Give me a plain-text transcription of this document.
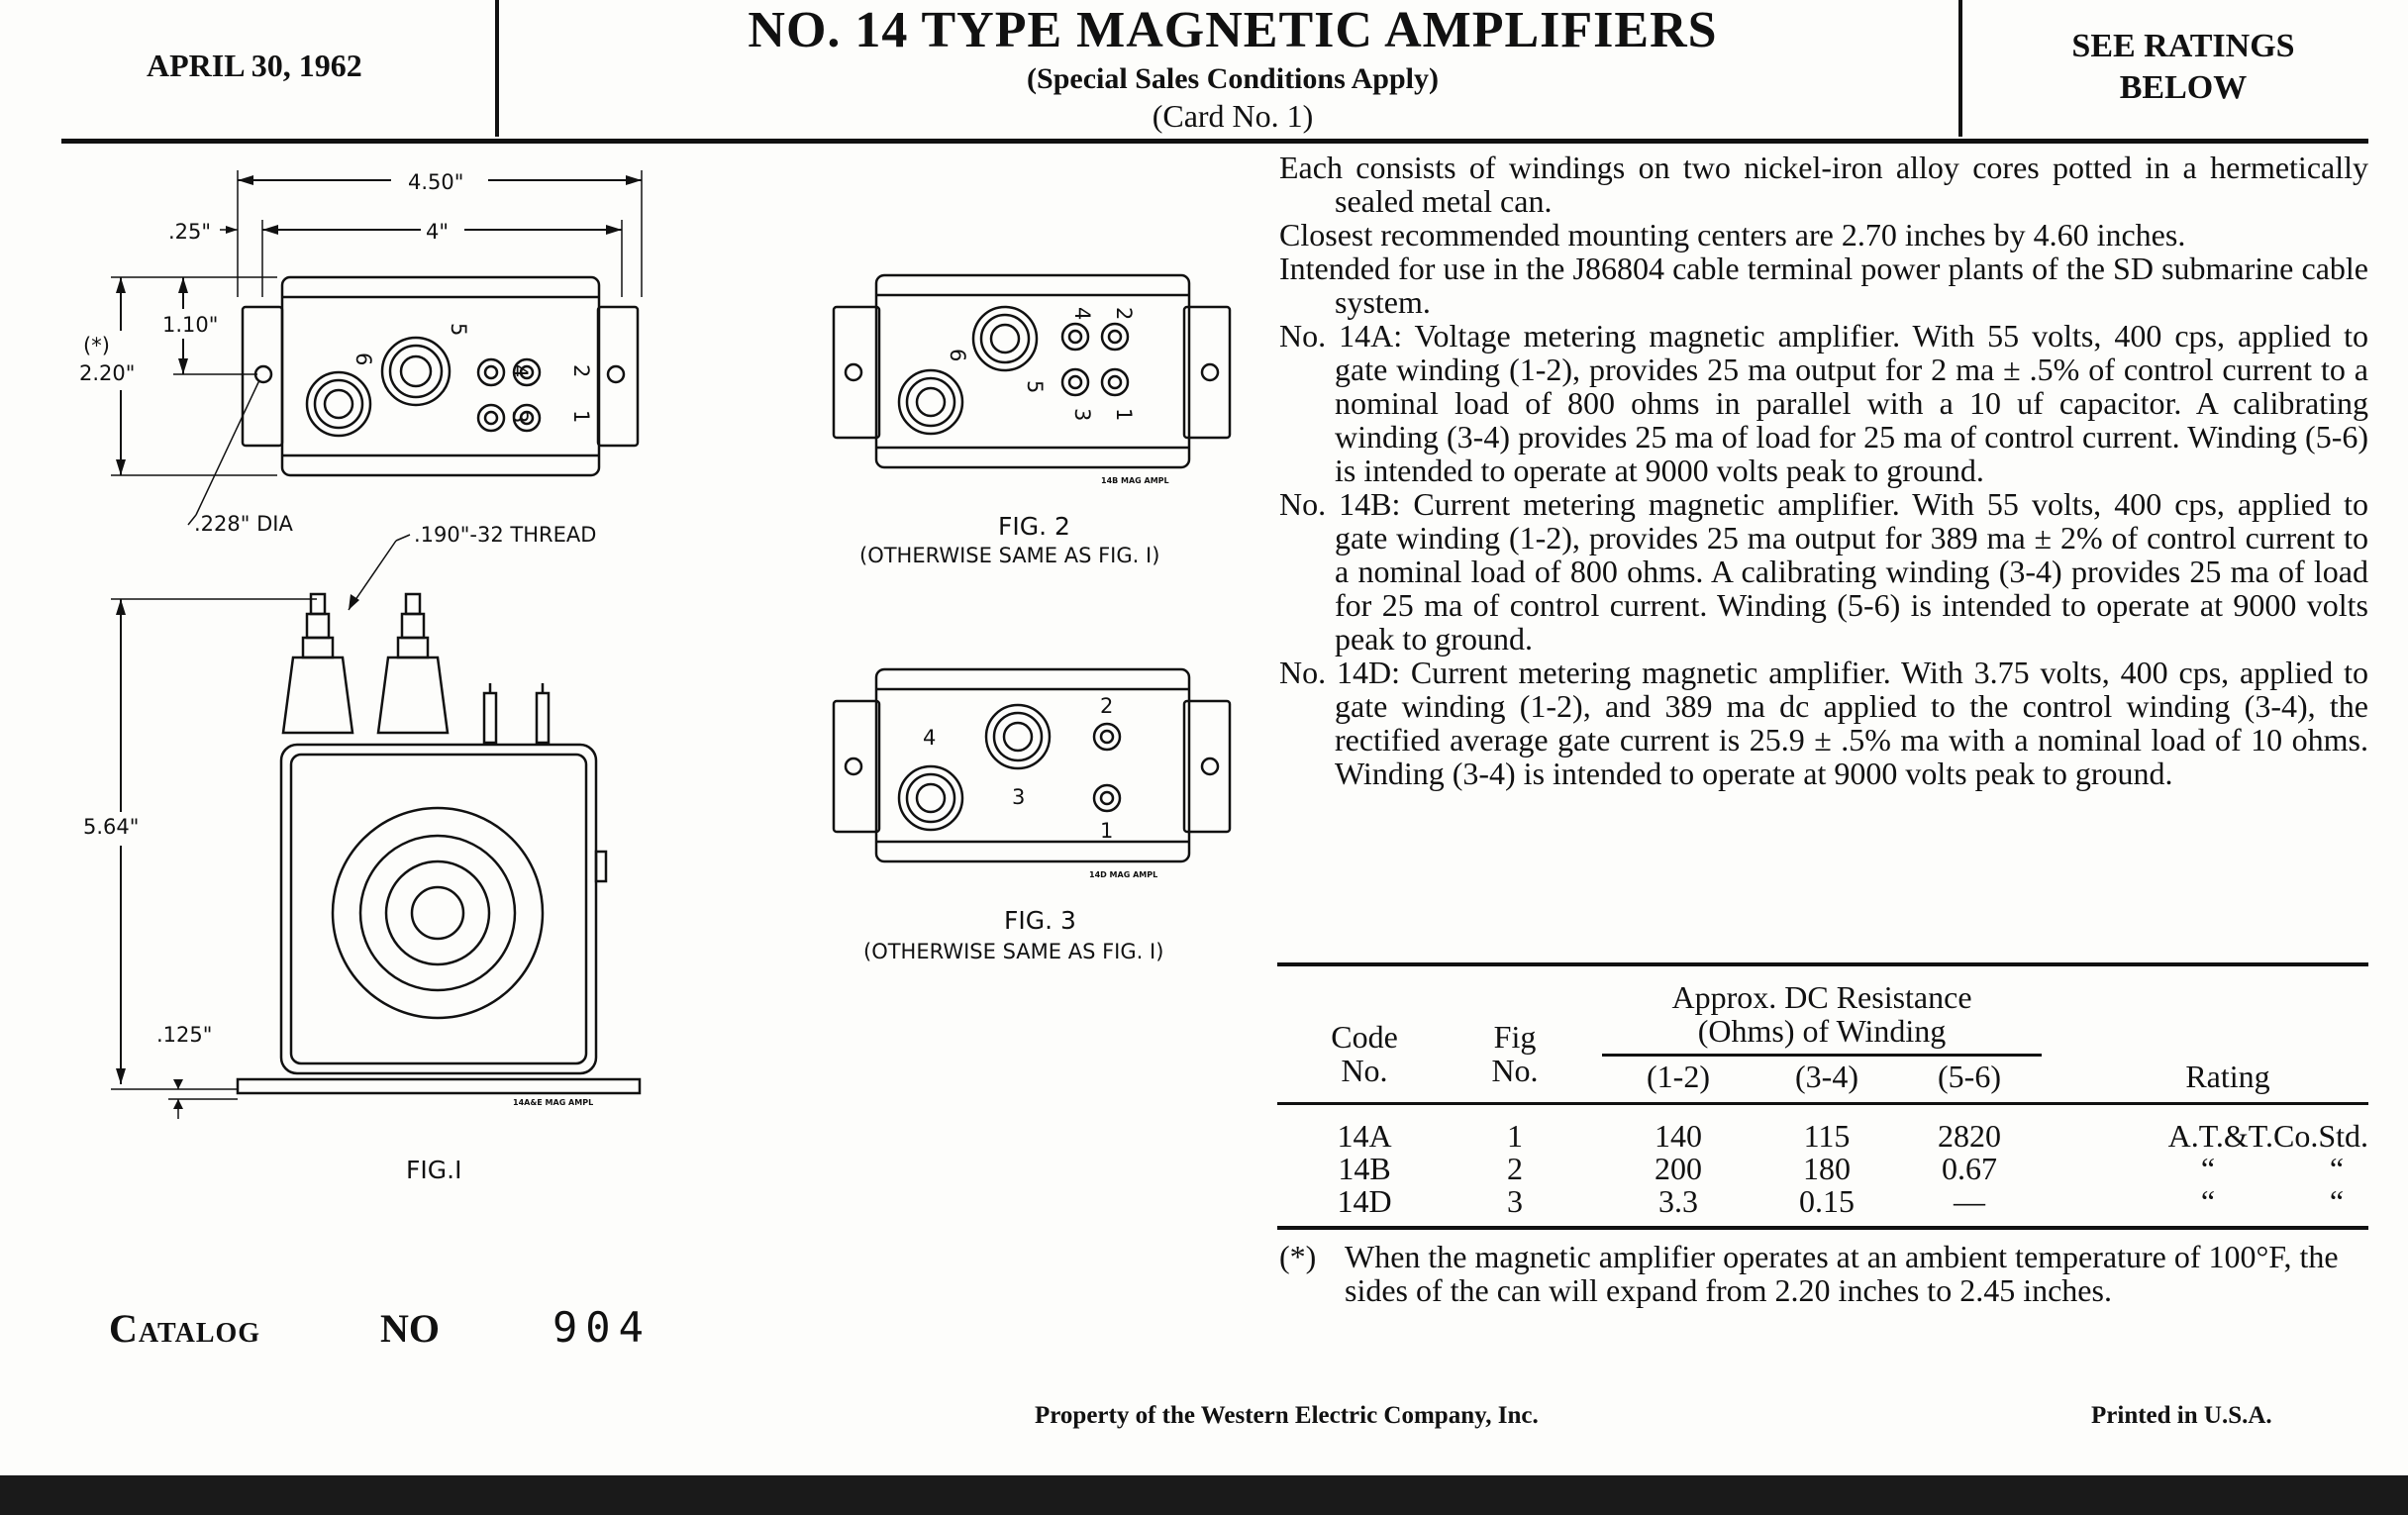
APRIL 30, 1962
NO. 14 TYPE MAGNETIC AMPLIFIERS
(Special Sales Conditions Apply)
(Card No. 1)
SEE RATINGS
BELOW
4.50"
4"
.25"
1.10"
(*)
2.20"
6
5
4
3
2
1
.228" DIA	.190"-32 THREAD
5.64"
.125"
14A&E MAG AMPL
FIG.I
6
5
4
3
2
1
14B MAG AMPL
FIG. 2
(OTHERWISE SAME AS FIG. I)
4
3
2
1
14D MAG AMPL
FIG. 3
(OTHERWISE SAME AS FIG. I)

Each consists of windings on two nickel-iron alloy cores potted in a hermetically sealed metal can.

Closest recommended mounting centers are 2.70 inches by 4.60 inches.

Intended for use in the J86804 cable terminal power plants of the SD submarine cable system.

No. 14A: Voltage metering magnetic amplifier. With 55 volts, 400 cps, applied to gate winding (1-2), provides 25 ma output for 2 ma ± .5% of control current to a nominal load of 800 ohms in parallel with a 10 uf capacitor. A calibrating winding (3-4) provides 25 ma of load for 25 ma of control current. Winding (5-6) is intended to operate at 9000 volts peak to ground.

No. 14B: Current metering magnetic amplifier. With 55 volts, 400 cps, applied to gate winding (1-2), provides 25 ma output for 389 ma ± 2% of control current to a nominal load of 800 ohms. A calibrating winding (3-4) provides 25 ma of load for 25 ma of control current. Winding (5-6) is intended to operate at 9000 volts peak to ground.

No. 14D: Current metering magnetic amplifier. With 3.75 volts, 400 cps, applied to gate winding (1-2), and 389 ma dc applied to the control winding (3-4), the rectified average gate current is 25.9 ± .5% ma with a nominal load of 10 ohms. Winding (3-4) is intended to operate at 9000 volts peak to ground.

Code
No.
Fig
No.
Approx. DC Resistance
(Ohms) of Winding
(1-2)	(3-4)	(5-6)	Rating
14A	1	140	115	2820	A.T.&T.Co.Std.
14B	2	200	180	0.67	“	“
14D	3	3.3	0.15	—	“	“
(*) When the magnetic amplifier operates at an ambient temperature of 100°F, the sides of the can will expand from 2.20 inches to 2.45 inches.
Catalog	NO	904
Property of the Western Electric Company, Inc.	Printed in U.S.A.
